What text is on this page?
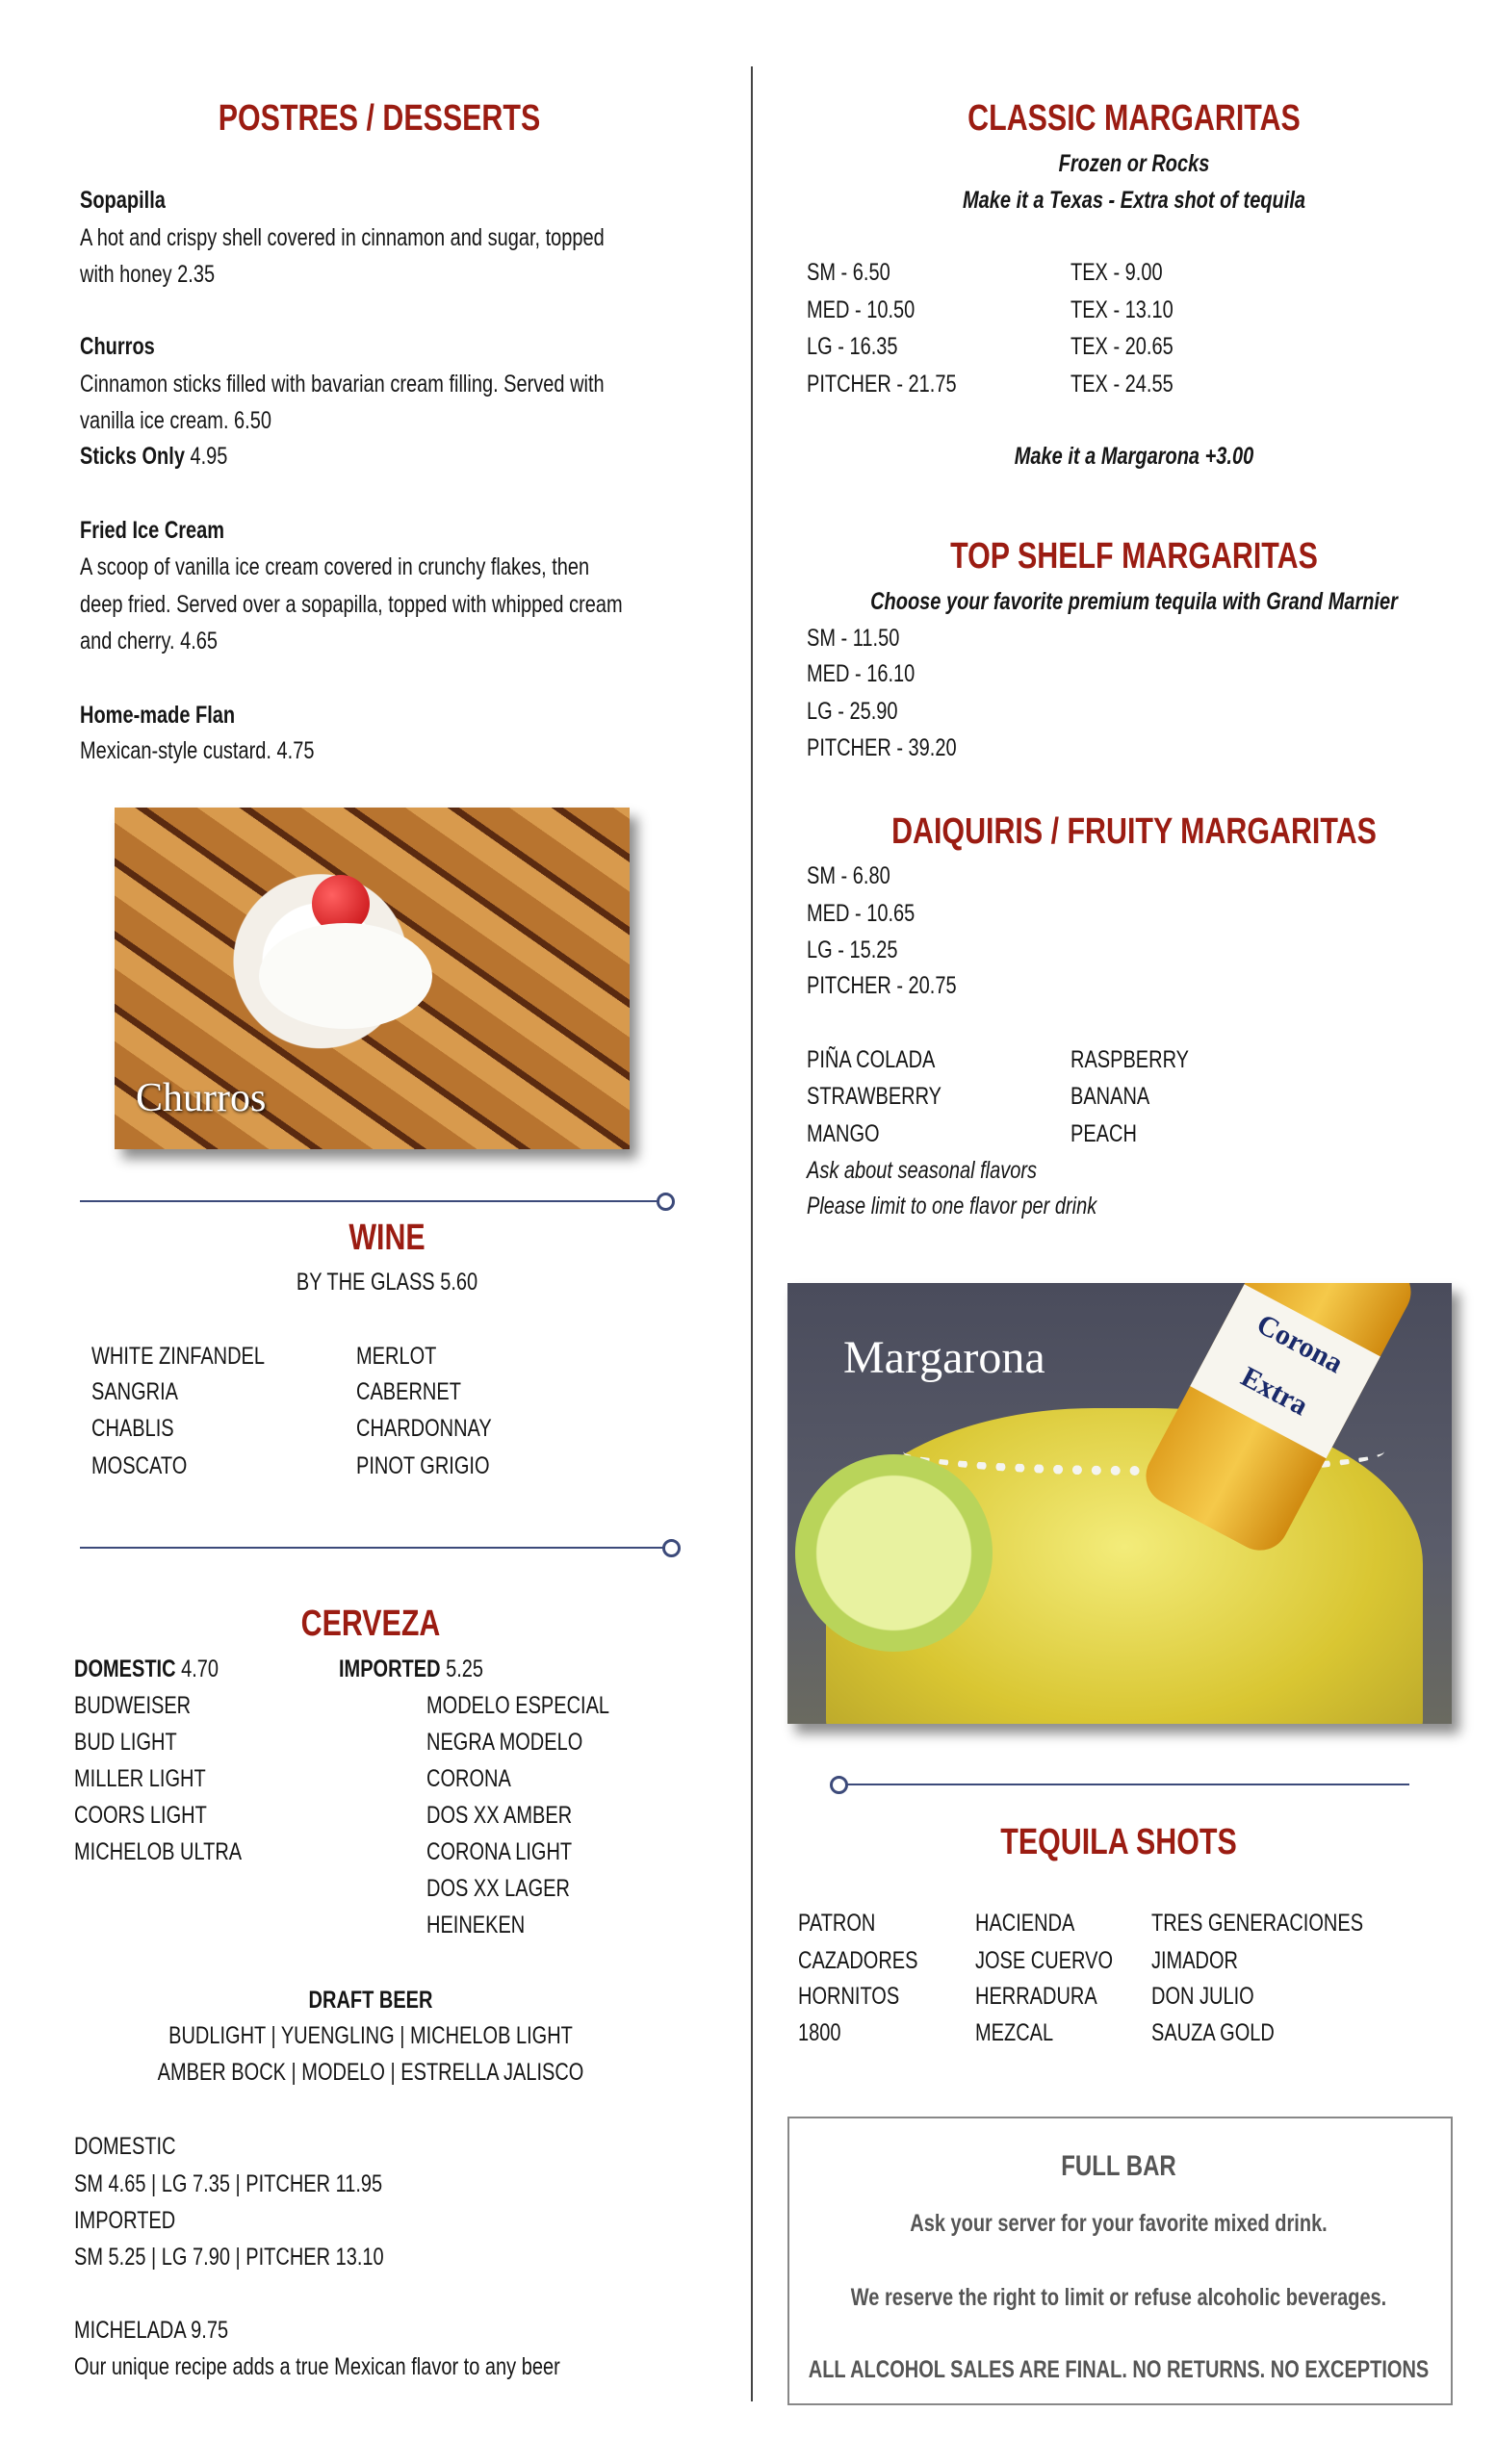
POSTRES / DESSERTS
Sopapilla
A hot and crispy shell covered in cinnamon and sugar, topped
with honey 2.35
Churros
Cinnamon sticks filled with bavarian cream filling. Served with
vanilla ice cream. 6.50
Sticks Only 4.95
Fried Ice Cream
A scoop of vanilla ice cream covered in crunchy flakes, then
deep fried. Served over a sopapilla, topped with whipped cream
and cherry. 4.65
Home-made Flan
Mexican-style custard. 4.75
Churros
WINE
BY THE GLASS 5.60
WHITE ZINFANDEL
SANGRIA
CHABLIS
MOSCATO
MERLOT
CABERNET
CHARDONNAY
PINOT GRIGIO
CERVEZA
DOMESTIC 4.70	IMPORTED 5.25
BUDWEISER
BUD LIGHT
MILLER LIGHT
COORS LIGHT
MICHELOB ULTRA
MODELO ESPECIAL
NEGRA MODELO
CORONA
DOS XX AMBER
CORONA LIGHT
DOS XX LAGER
HEINEKEN
DRAFT BEER
BUDLIGHT | YUENGLING | MICHELOB LIGHT
AMBER BOCK | MODELO | ESTRELLA JALISCO
DOMESTIC
SM 4.65 | LG 7.35 | PITCHER 11.95
IMPORTED
SM 5.25 | LG 7.90 | PITCHER 13.10
MICHELADA 9.75
Our unique recipe adds a true Mexican flavor to any beer
CLASSIC MARGARITAS
Frozen or Rocks
Make it a Texas - Extra shot of tequila
SM - 6.50
MED - 10.50
LG - 16.35
PITCHER - 21.75
TEX - 9.00
TEX - 13.10
TEX - 20.65
TEX - 24.55
Make it a Margarona +3.00
TOP SHELF MARGARITAS
Choose your favorite premium tequila with Grand Marnier
SM - 11.50
MED - 16.10
LG - 25.90
PITCHER - 39.20
DAIQUIRIS / FRUITY MARGARITAS
SM - 6.80
MED - 10.65
LG - 15.25
PITCHER - 20.75
PIÑA COLADA
STRAWBERRY
MANGO
RASPBERRY
BANANA
PEACH
Ask about seasonal flavors
Please limit to one flavor per drink
Corona
Extra
Margarona
TEQUILA SHOTS
PATRON
CAZADORES
HORNITOS
1800
HACIENDA
JOSE CUERVO
HERRADURA
MEZCAL
TRES GENERACIONES
JIMADOR
DON JULIO
SAUZA GOLD
FULL BAR
Ask your server for your favorite mixed drink.
We reserve the right to limit or refuse alcoholic beverages.
ALL ALCOHOL SALES ARE FINAL. NO RETURNS. NO EXCEPTIONS
